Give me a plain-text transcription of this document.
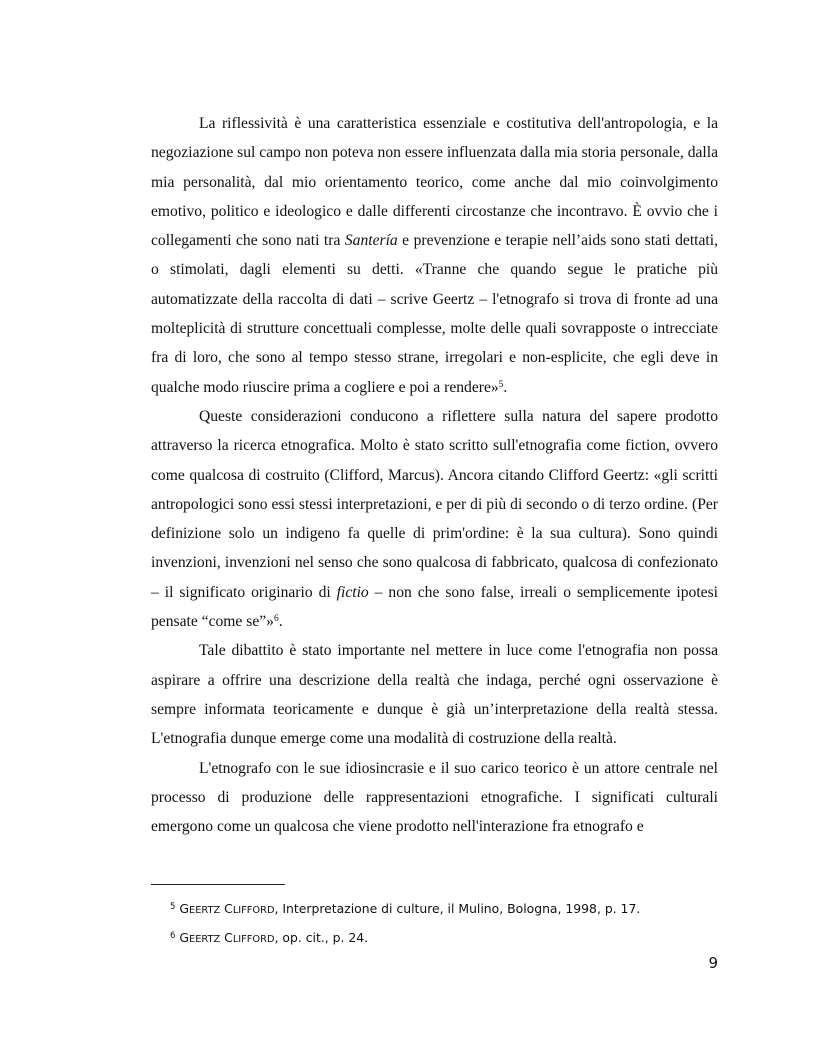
La riflessività è una caratteristica essenziale e costitutiva dell'antropologia, e la negoziazione sul campo non poteva non essere influenzata dalla mia storia personale, dalla mia personalità, dal mio orientamento teorico, come anche dal mio coinvolgimento emotivo, politico e ideologico e dalle differenti circostanze che incontravo. È ovvio che i collegamenti che sono nati tra Santería e prevenzione e terapie nell’aids sono stati dettati, o stimolati, dagli elementi su detti. «Tranne che quando segue le pratiche più automatizzate della raccolta di dati – scrive Geertz – l'etnografo si trova di fronte ad una molteplicità di strutture concettuali complesse, molte delle quali sovrapposte o intrecciate fra di loro, che sono al tempo stesso strane, irregolari e non-esplicite, che egli deve in qualche modo riuscire prima a cogliere e poi a rendere»$^5$.

Queste considerazioni conducono a riflettere sulla natura del sapere prodotto attraverso la ricerca etnografica. Molto è stato scritto sull'etnografia come fiction, ovvero come qualcosa di costruito (Clifford, Marcus). Ancora citando Clifford Geertz: «gli scritti antropologici sono essi stessi interpretazioni, e per di più di secondo o di terzo ordine. (Per definizione solo un indigeno fa quelle di prim'ordine: è la sua cultura). Sono quindi invenzioni, invenzioni nel senso che sono qualcosa di fabbricato, qualcosa di confezionato – il significato originario di fictio – non che sono false, irreali o semplicemente ipotesi pensate “come se”»$^6$.

Tale dibattito è stato importante nel mettere in luce come l'etnografia non possa aspirare a offrire una descrizione della realtà che indaga, perché ogni osservazione è sempre informata teoricamente e dunque è già un’interpretazione della realtà stessa. L'etnografia dunque emerge come una modalità di costruzione della realtà.

L'etnografo con le sue idiosincrasie e il suo carico teorico è un attore centrale nel processo di produzione delle rappresentazioni etnografiche. I significati culturali emergono come un qualcosa che viene prodotto nell'interazione fra etnografo e

$^5$ GEERTZ CLIFFORD, Interpretazione di culture, il Mulino, Bologna, 1998, p. 17.
$^6$ GEERTZ CLIFFORD, op. cit., p. 24.
9
